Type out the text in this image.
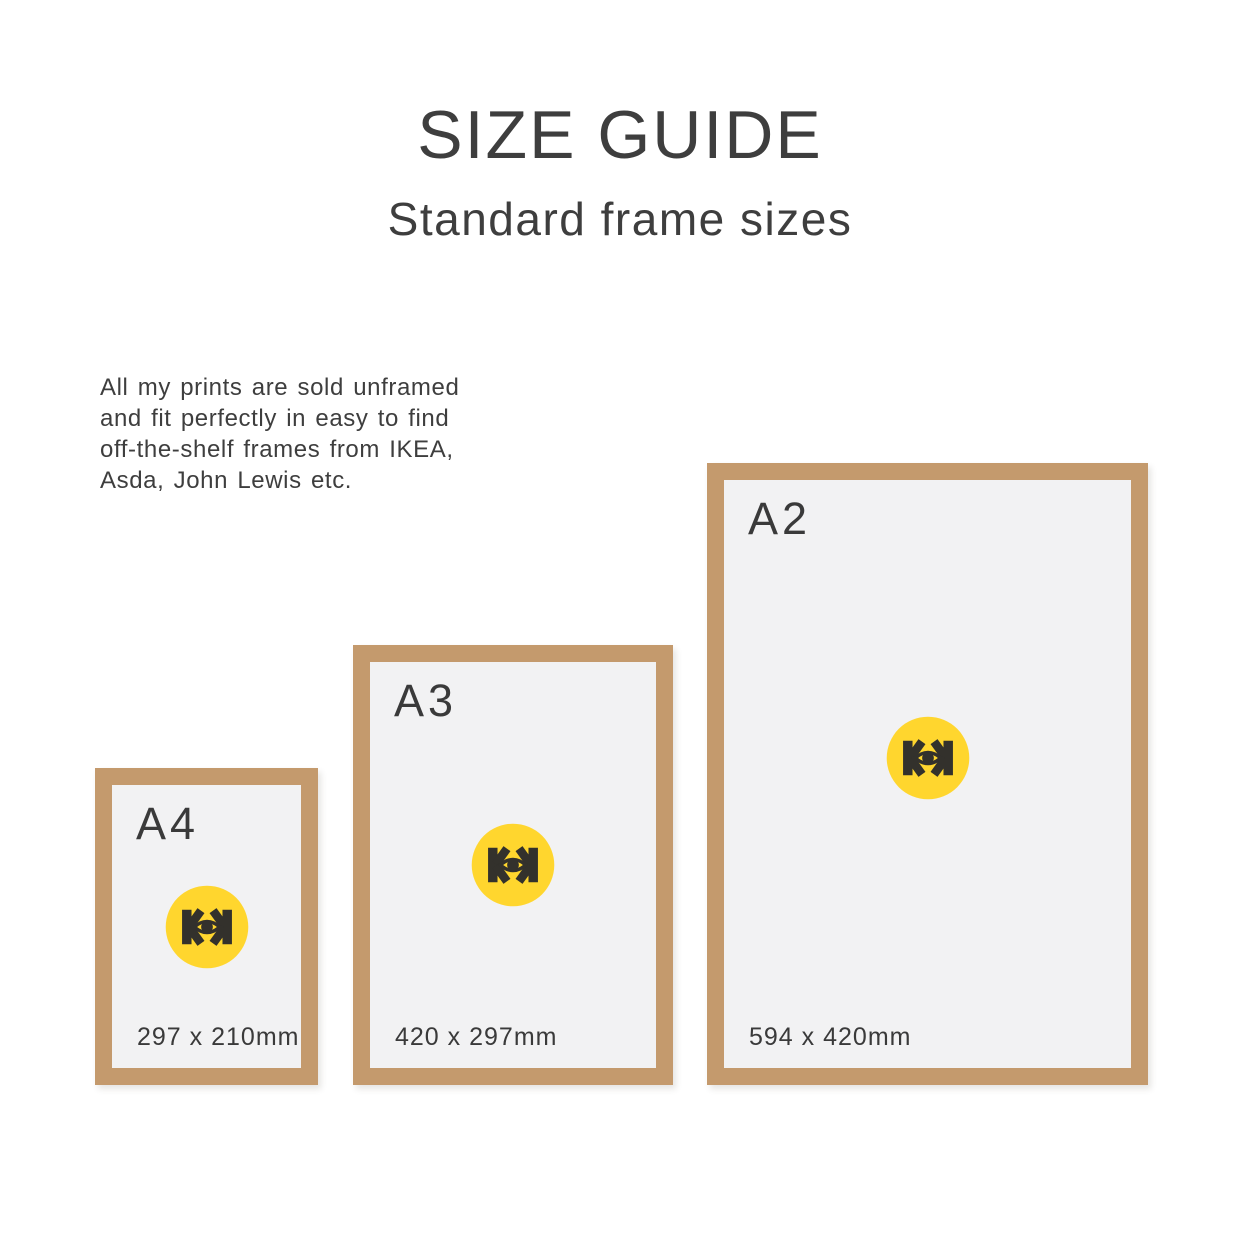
SIZE GUIDE
Standard frame sizes
All my prints are sold unframed
and fit perfectly in easy to find
off-the-shelf frames from IKEA,
Asda, John Lewis etc.
A4
297 x 210mm
A3
420 x 297mm
A2
594 x 420mm
